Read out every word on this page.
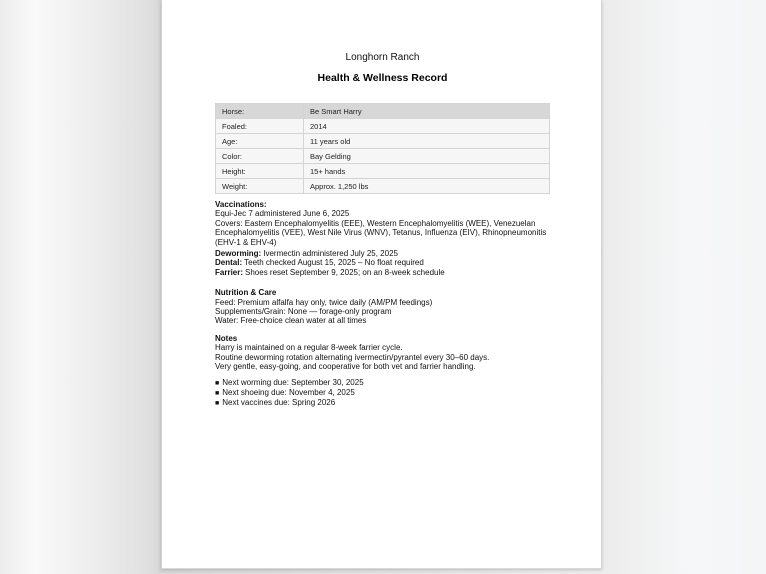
Longhorn Ranch
Health & Wellness Record
Horse:	Be Smart Harry
Foaled:	2014
Age:	11 years old
Color:	Bay Gelding
Height:	15+ hands
Weight:	Approx. 1,250 lbs
Vaccinations:
Equi-Jec 7 administered June 6, 2025
Covers: Eastern Encephalomyelitis (EEE), Western Encephalomyelitis (WEE), Venezuelan Encephalomyelitis (VEE), West Nile Virus (WNV), Tetanus, Influenza (EIV), Rhinopneumonitis (EHV-1 & EHV-4)
Deworming: Ivermectin administered July 25, 2025
Dental: Teeth checked August 15, 2025 – No float required
Farrier: Shoes reset September 9, 2025; on an 8-week schedule
Nutrition & Care
Feed: Premium alfalfa hay only, twice daily (AM/PM feedings)
Supplements/Grain: None — forage-only program
Water: Free-choice clean water at all times
Notes
Harry is maintained on a regular 8-week farrier cycle.
Routine deworming rotation alternating ivermectin/pyrantel every 30–60 days.
Very gentle, easy-going, and cooperative for both vet and farrier handling.
■ Next worming due: September 30, 2025
■ Next shoeing due: November 4, 2025
■ Next vaccines due: Spring 2026
